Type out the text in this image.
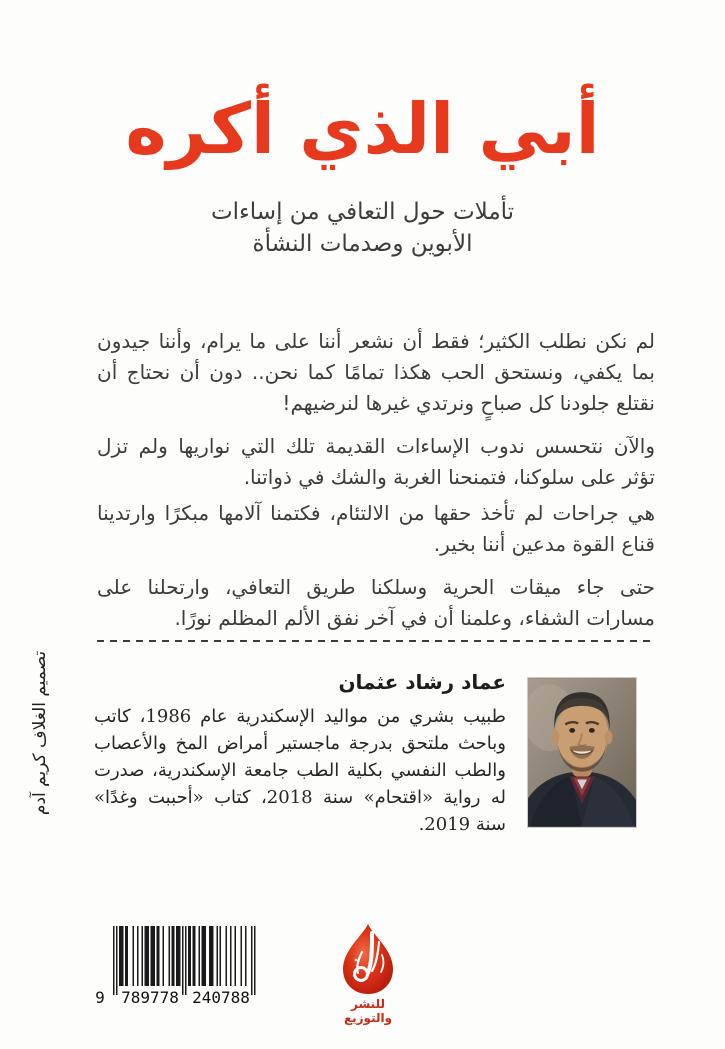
أبي الذي أكره
تأملات حول التعافي من إساءات
الأبوين وصدمات النشأة

لم نكن نطلب الكثير؛ فقط أن نشعر أننا على ما يرام، وأننا جيدون بما يكفي، ونستحق الحب هكذا تمامًا كما نحن.. دون أن نحتاج أن نقتلع جلودنا كل صباحٍ ونرتدي غيرها لنرضيهم!

والآن نتحسس ندوب الإساءات القديمة تلك التي نواريها ولم تزل تؤثر على سلوكنا، فتمنحنا الغربة والشك في ذواتنا.

هي جراحات لم تأخذ حقها من الالتئام، فكتمنا آلامها مبكرًا وارتدينا قناع القوة مدعين أننا بخير.

حتى جاء ميقات الحرية وسلكنا طريق التعافي، وارتحلنا على مسارات الشفاء، وعلمنا أن في آخر نفق الألم المظلم نورًا.

عماد رشاد عثمان

طبيب بشري من مواليد الإسكندرية عام 1986، كاتب وباحث ملتحق بدرجة ماجستير أمراض المخ والأعصاب والطب النفسي بكلية الطب جامعة الإسكندرية، صدرت له رواية «اقتحام» سنة 2018، كتاب «أحببت وغدًا» سنة 2019.
تصميم الغلاف كريم آدم
9 789778 240788	للنشر والتوزيع
